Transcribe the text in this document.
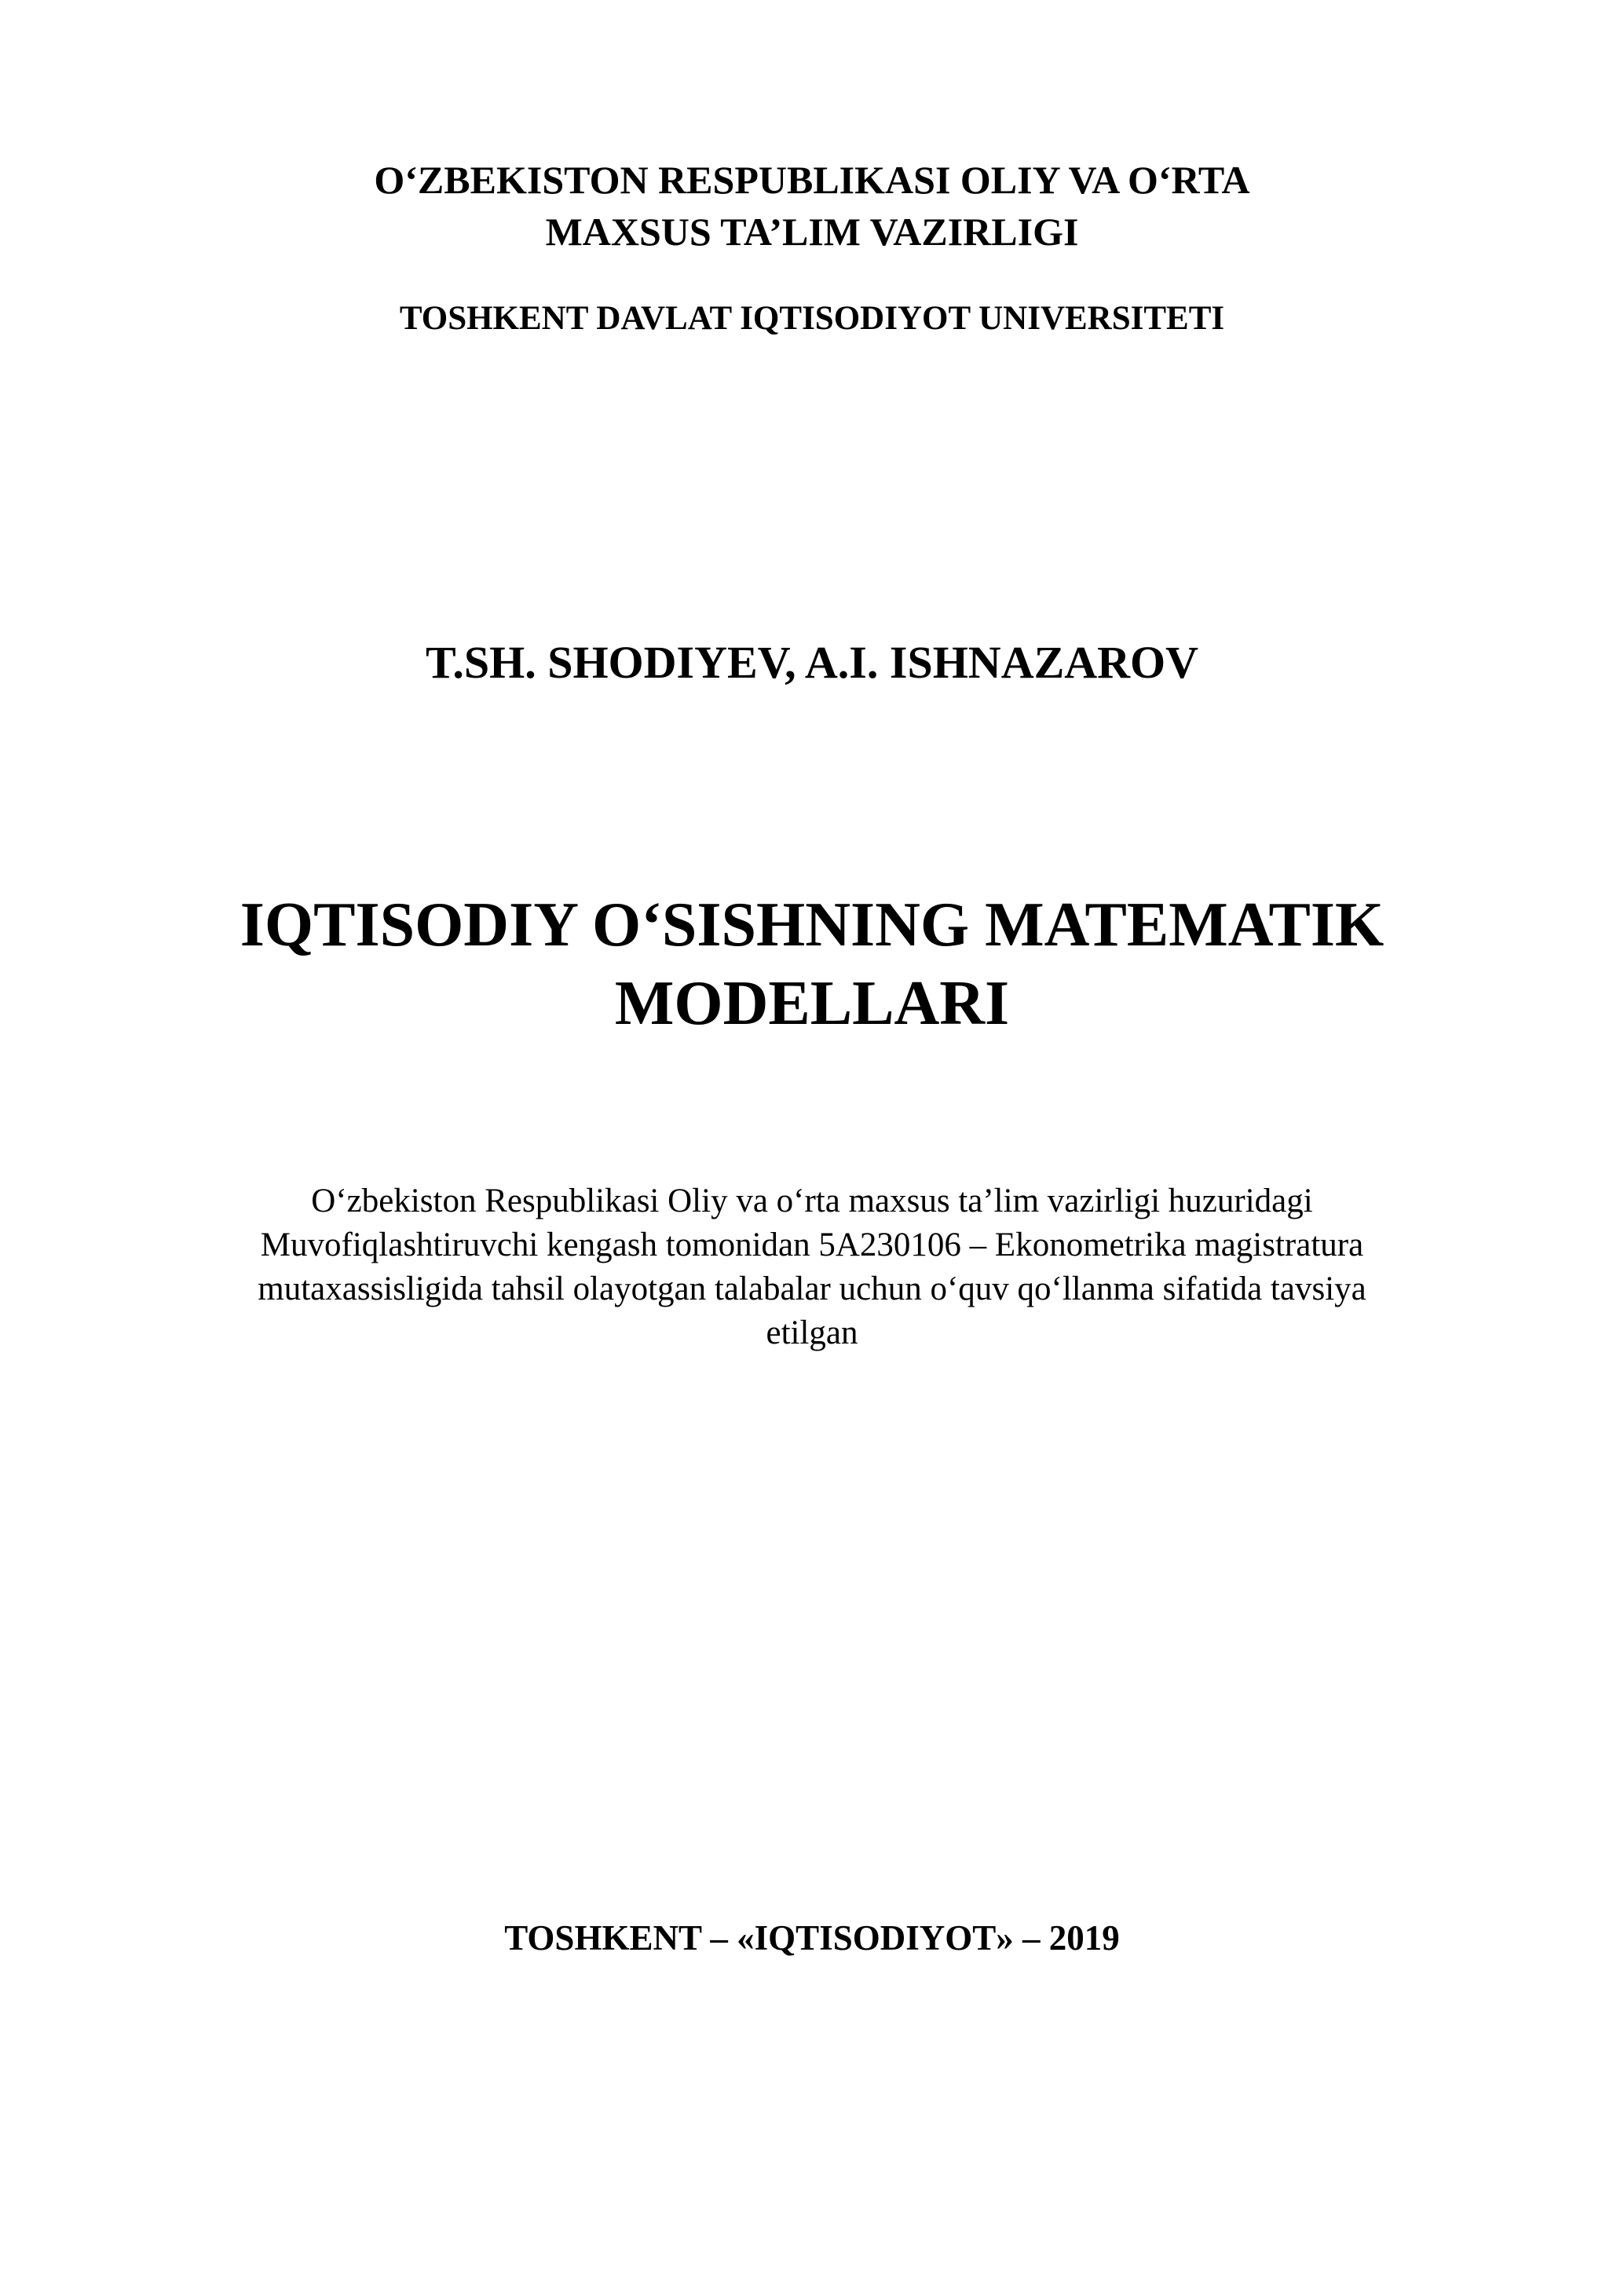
O‘ZBEKISTON RESPUBLIKASI OLIY VA O‘RTA
MAXSUS TA’LIM VAZIRLIGI
TOSHKENT DAVLAT IQTISODIYOT UNIVERSITETI
T.SH. SHODIYEV, A.I. ISHNAZAROV
IQTISODIY O‘SISHNING MATEMATIK
MODELLARI
O‘zbekiston Respublikasi Oliy va o‘rta maxsus ta’lim vazirligi huzuridagi
Muvofiqlashtiruvchi kengash tomonidan 5A230106 – Ekonometrika magistratura
mutaxassisligida tahsil olayotgan talabalar uchun o‘quv qo‘llanma sifatida tavsiya
etilgan
TOSHKENT – «IQTISODIYOT» – 2019
